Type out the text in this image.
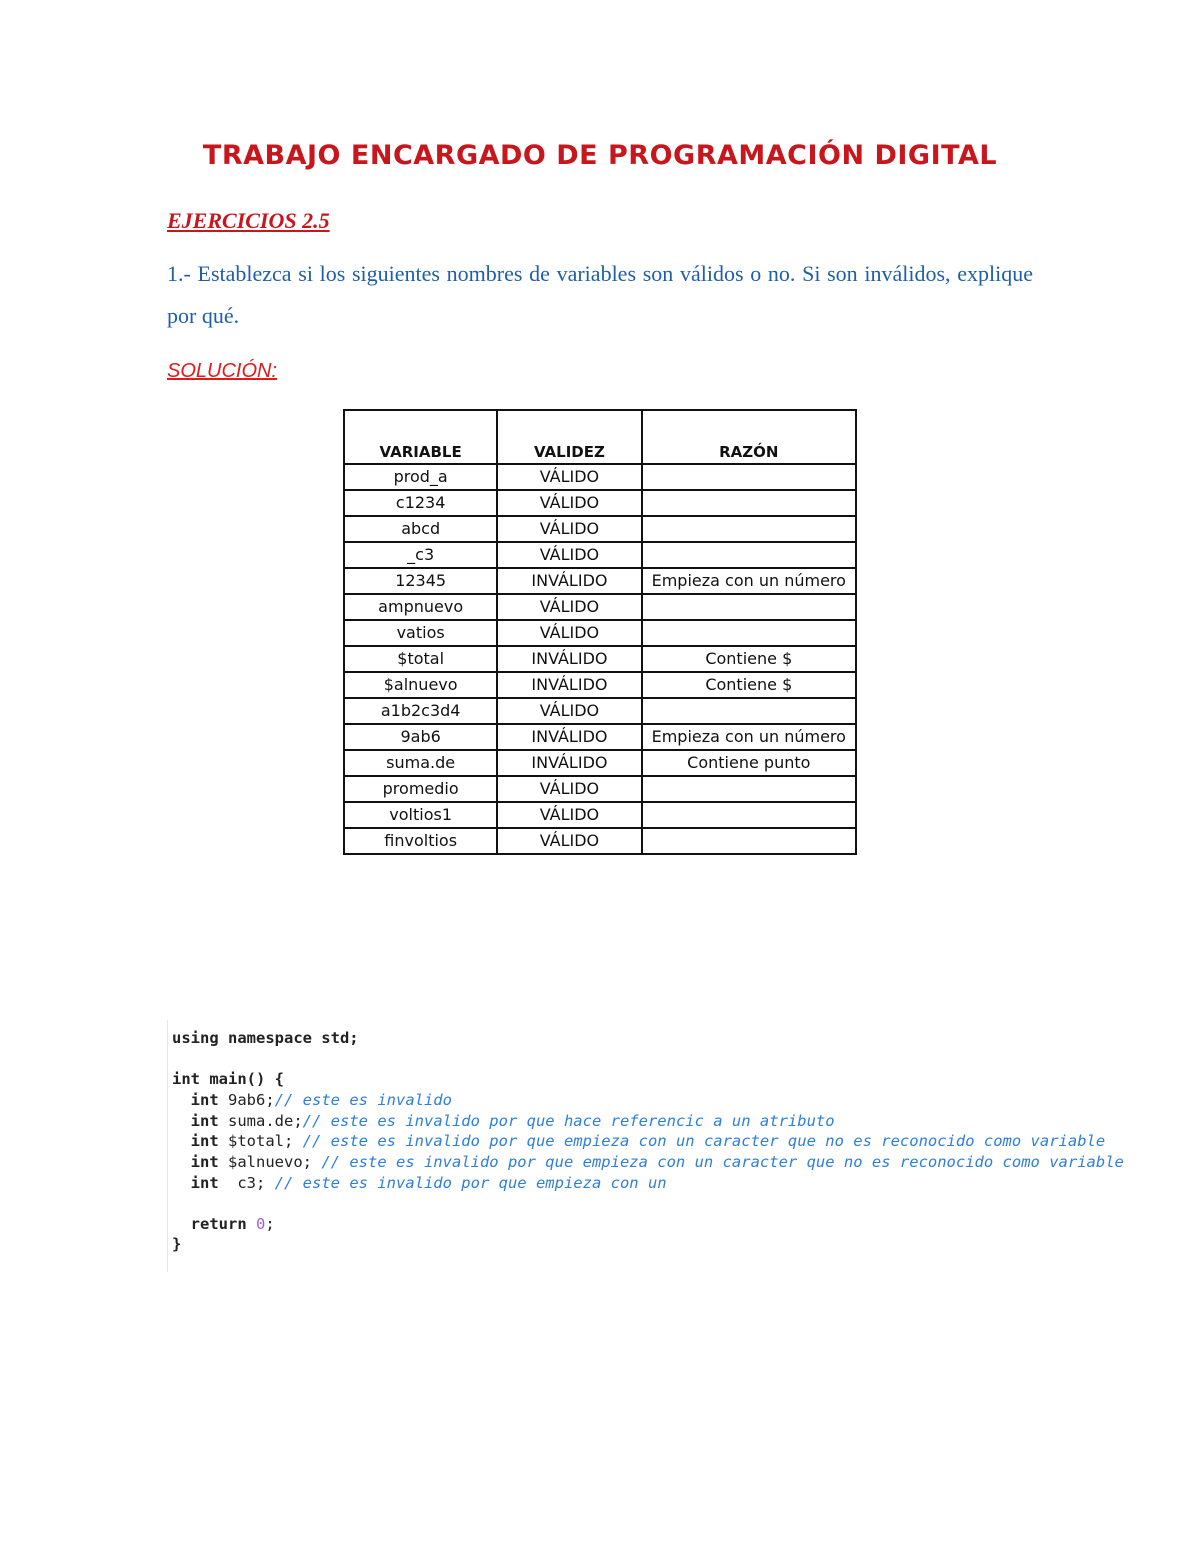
TRABAJO ENCARGADO DE PROGRAMACIÓN DIGITAL
EJERCICIOS 2.5
1.- Establezca si los siguientes nombres de variables son válidos o no. Si son inválidos, explique por qué.
SOLUCIÓN:
VARIABLE	VALIDEZ	RAZÓN
prod_a	VÁLIDO	
c1234	VÁLIDO	
abcd	VÁLIDO	
_c3	VÁLIDO	
12345	INVÁLIDO	Empieza con un número
ampnuevo	VÁLIDO	
vatios	VÁLIDO	
$total	INVÁLIDO	Contiene $
$alnuevo	INVÁLIDO	Contiene $
a1b2c3d4	VÁLIDO	
9ab6	INVÁLIDO	Empieza con un número
suma.de	INVÁLIDO	Contiene punto
promedio	VÁLIDO	
voltios1	VÁLIDO	
finvoltios	VÁLIDO	
using namespace std;
int main() {
int 9ab6;// este es invalido
int suma.de;// este es invalido por que hace referencic a un atributo
int $total; // este es invalido por que empieza con un caracter que no es reconocido como variable
int $alnuevo; // este es invalido por que empieza con un caracter que no es reconocido como variable
int  c3; // este es invalido por que empieza con un
return 0;
}
